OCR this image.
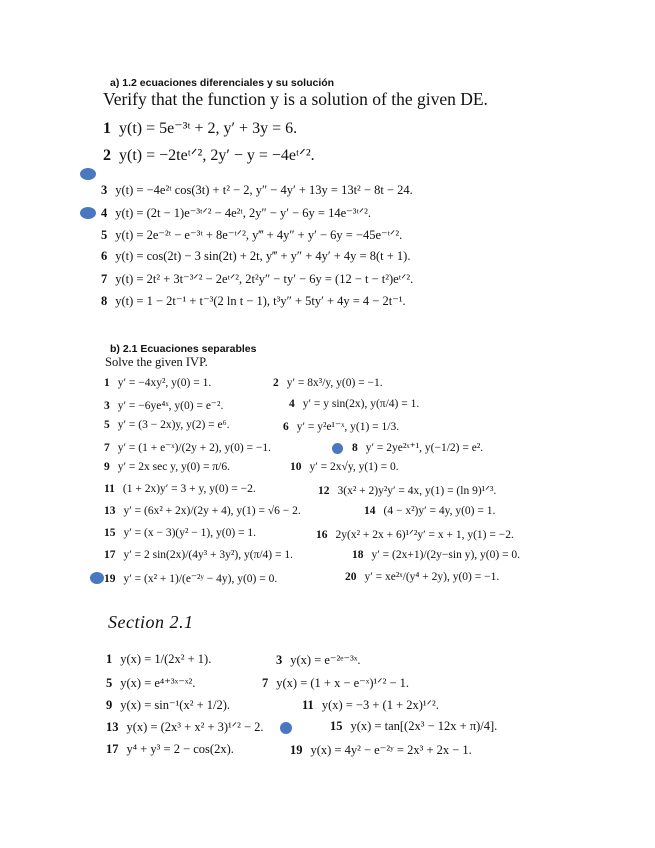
a) 1.2 ecuaciones diferenciales y su solución
Verify that the function y is a solution of the given DE.
1 y(t) = 5e⁻³ᵗ + 2, y′ + 3y = 6.
2 y(t) = −2teᵗᐟ², 2y′ − y = −4eᵗᐟ².
3 y(t) = −4e²ᵗ cos(3t) + t² − 2, y″ − 4y′ + 13y = 13t² − 8t − 24.
4 y(t) = (2t − 1)e⁻³ᵗᐟ² − 4e²ᵗ, 2y″ − y′ − 6y = 14e⁻³ᵗᐟ².
5 y(t) = 2e⁻²ᵗ − e⁻³ᵗ + 8e⁻ᵗᐟ², y‴ + 4y″ + y′ − 6y = −45e⁻ᵗᐟ².
6 y(t) = cos(2t) − 3 sin(2t) + 2t, y‴ + y″ + 4y′ + 4y = 8(t + 1).
7 y(t) = 2t² + 3t⁻³ᐟ² − 2eᵗᐟ², 2t²y″ − ty′ − 6y = (12 − t − t²)eᵗᐟ².
8 y(t) = 1 − 2t⁻¹ + t⁻³(2 ln t − 1), t³y″ + 5ty′ + 4y = 4 − 2t⁻¹.
b) 2.1 Ecuaciones separables
Solve the given IVP.
1 y′ = −4xy², y(0) = 1.	2 y′ = 8x³/y, y(0) = −1.
3 y′ = −6ye⁴ˣ, y(0) = e⁻².	4 y′ = y sin(2x), y(π/4) = 1.
5 y′ = (3 − 2x)y, y(2) = e⁶.	6 y′ = y²e¹⁻ˣ, y(1) = 1/3.
7 y′ = (1 + e⁻ˣ)/(2y + 2), y(0) = −1.	8 y′ = 2ye²ˣ⁺¹, y(−1/2) = e².
9 y′ = 2x sec y, y(0) = π/6.	10 y′ = 2x√y, y(1) = 0.
11 (1 + 2x)y′ = 3 + y, y(0) = −2.	12 3(x² + 2)y²y′ = 4x, y(1) = (ln 9)¹ᐟ³.
13 y′ = (6x² + 2x)/(2y + 4), y(1) = √6 − 2.	14 (4 − x²)y′ = 4y, y(0) = 1.
15 y′ = (x − 3)(y² − 1), y(0) = 1.	16 2y(x² + 2x + 6)¹ᐟ²y′ = x + 1, y(1) = −2.
17 y′ = 2 sin(2x)/(4y³ + 3y²), y(π/4) = 1.	18 y′ = (2x+1)/(2y−sin y), y(0) = 0.
19 y′ = (x² + 1)/(e⁻²ʸ − 4y), y(0) = 0.	20 y′ = xe²ˣ/(y⁴ + 2y), y(0) = −1.
Section 2.1
1 y(x) = 1/(2x² + 1).	3 y(x) = e⁻²ᵉ⁻³ˣ.
5 y(x) = e⁴⁺³ˣ⁻ˣ².	7 y(x) = (1 + x − e⁻ˣ)¹ᐟ² − 1.
9 y(x) = sin⁻¹(x² + 1/2).	11 y(x) = −3 + (1 + 2x)¹ᐟ².
13 y(x) = (2x³ + x² + 3)¹ᐟ² − 2.	15 y(x) = tan[(2x³ − 12x + π)/4].
17 y⁴ + y³ = 2 − cos(2x).	19 y(x) = 4y² − e⁻²ʸ = 2x³ + 2x − 1.
